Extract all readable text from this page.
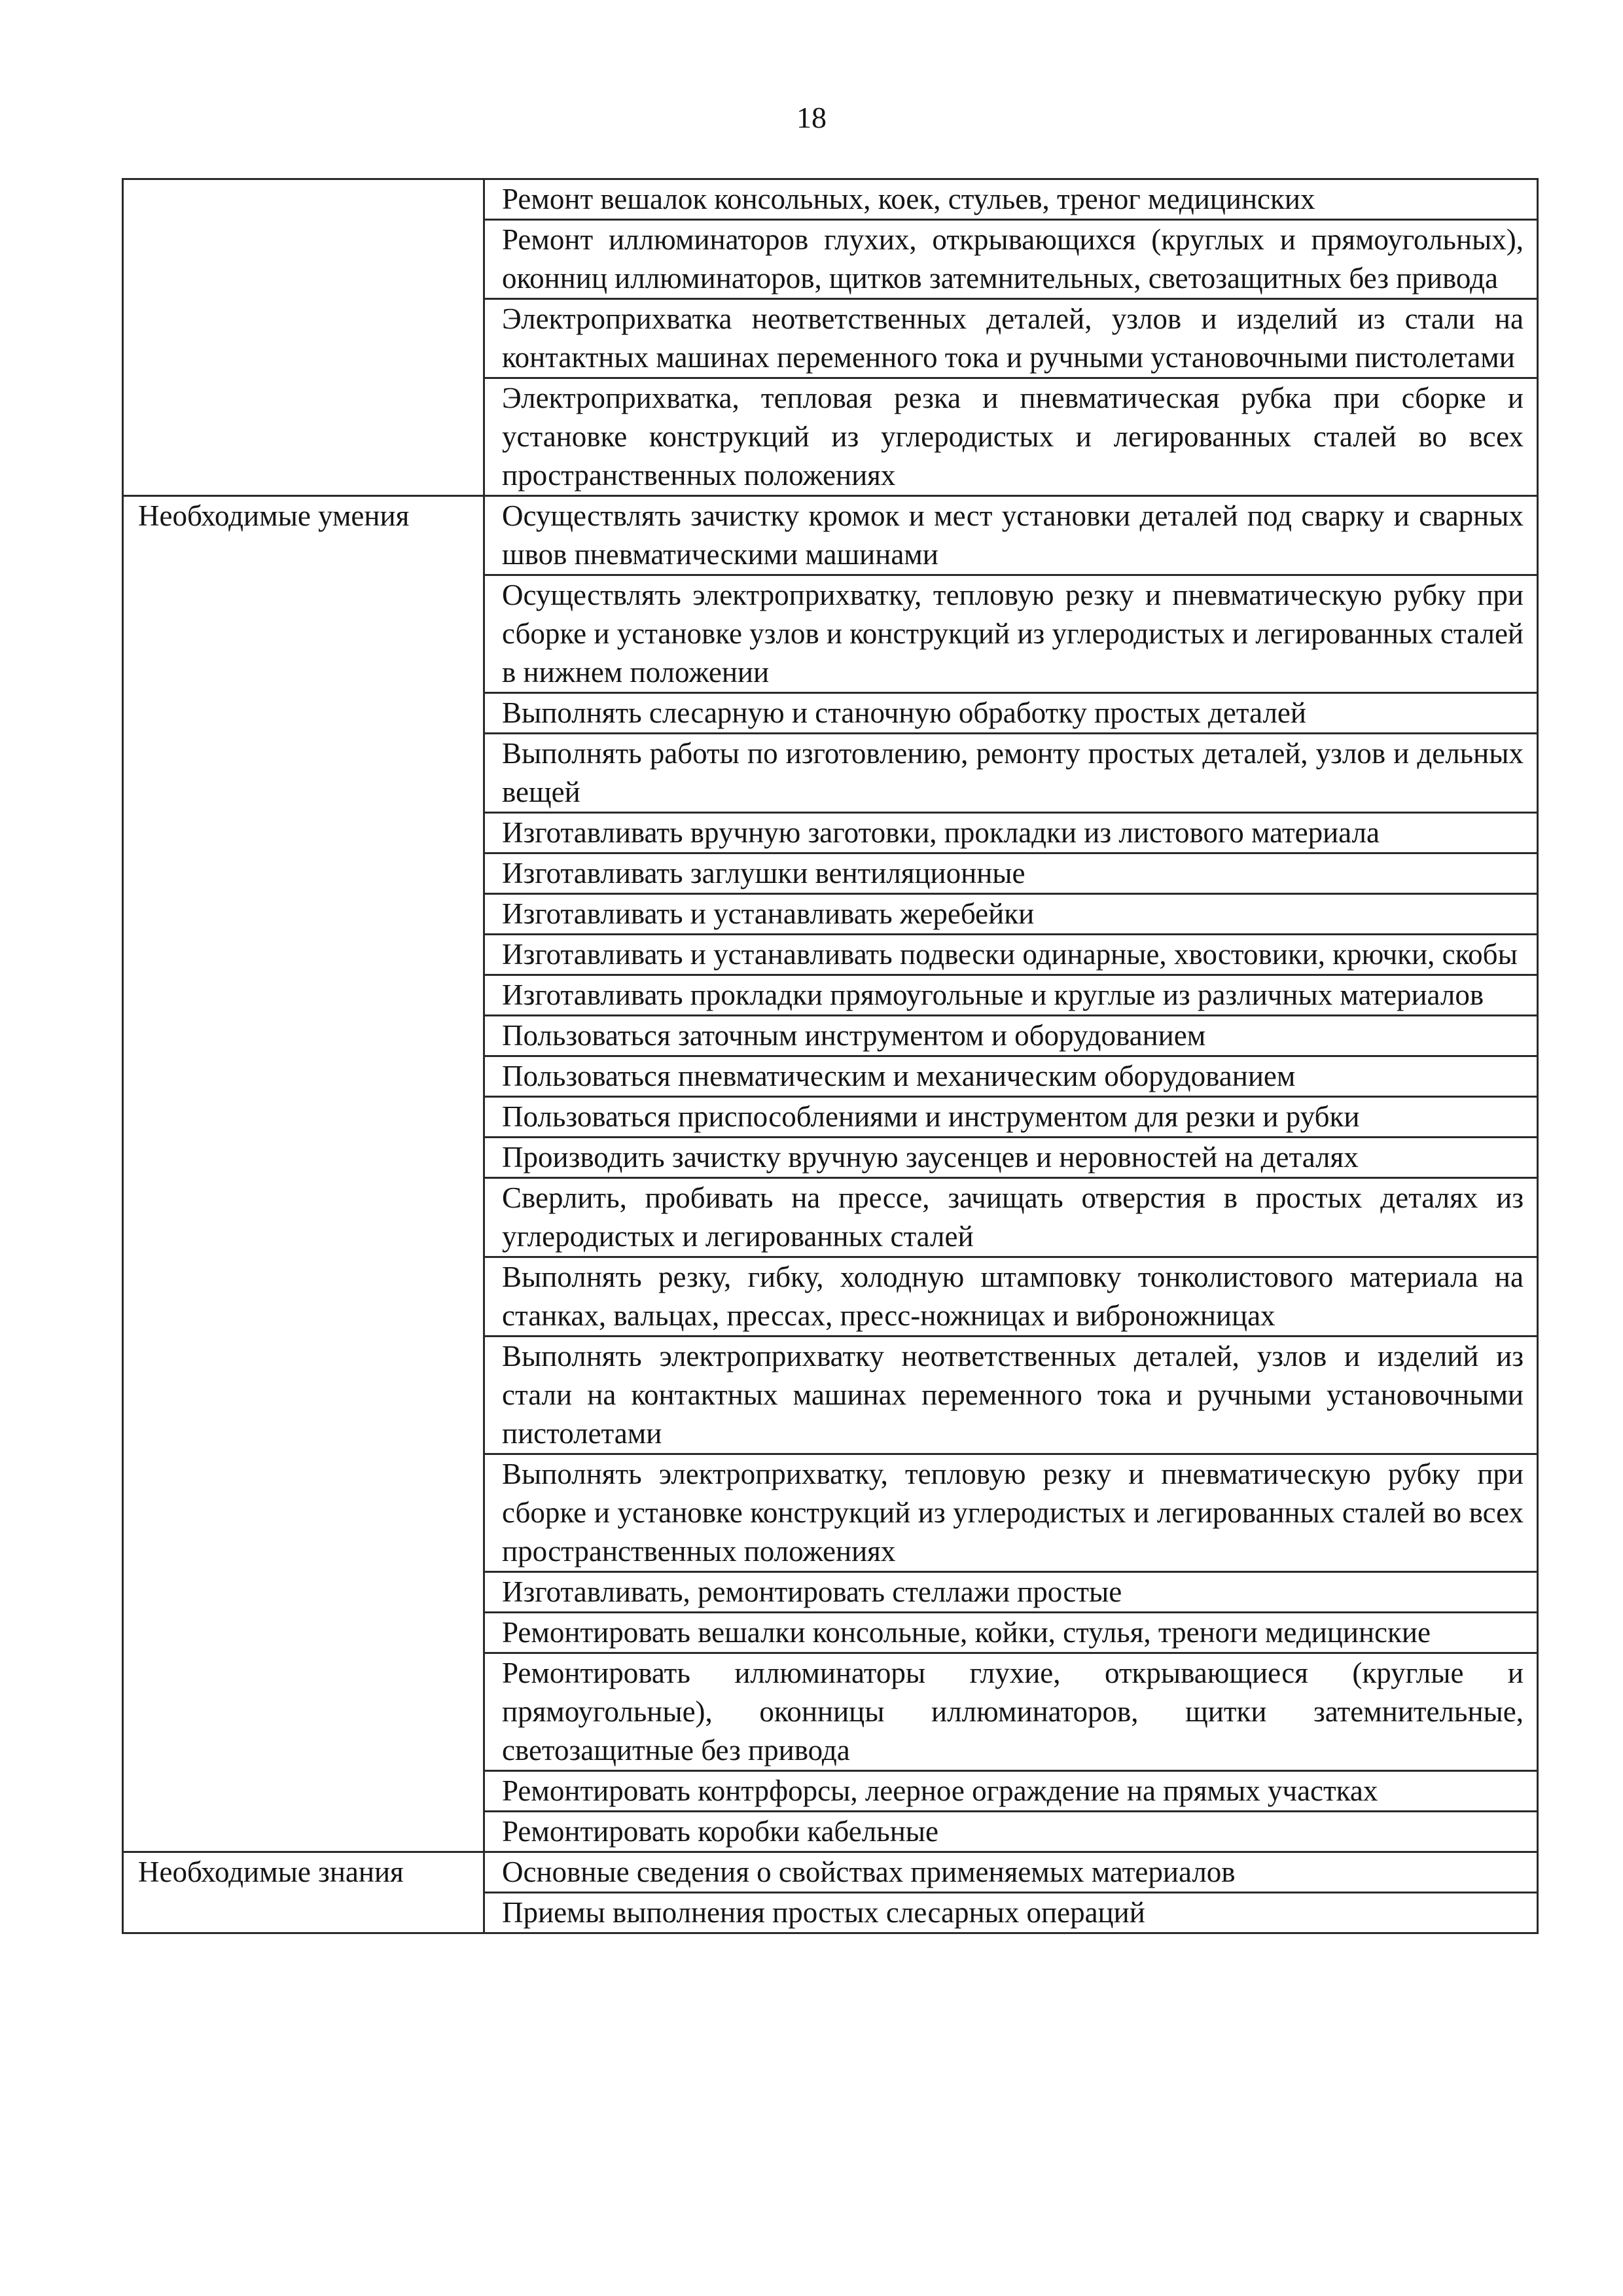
18
	Ремонт вешалок консольных, коек, стульев, треног медицинских
	Ремонт иллюминаторов глухих, открывающихся (круглых и прямоугольных), оконниц иллюминаторов, щитков затемнительных, светозащитных без привода
	Электроприхватка неответственных деталей, узлов и изделий из стали на контактных машинах переменного тока и ручными установочными пистолетами
	Электроприхватка, тепловая резка и пневматическая рубка при сборке и установке конструкций из углеродистых и легированных сталей во всех пространственных положениях
Необходимые умения	Осуществлять зачистку кромок и мест установки деталей под сварку и сварных швов пневматическими машинами
	Осуществлять электроприхватку, тепловую резку и пневматическую рубку при сборке и установке узлов и конструкций из углеродистых и легированных сталей в нижнем положении
	Выполнять слесарную и станочную обработку простых деталей
	Выполнять работы по изготовлению, ремонту простых деталей, узлов и дельных вещей
	Изготавливать вручную заготовки, прокладки из листового материала
	Изготавливать заглушки вентиляционные
	Изготавливать и устанавливать жеребейки
	Изготавливать и устанавливать подвески одинарные, хвостовики, крючки, скобы
	Изготавливать прокладки прямоугольные и круглые из различных материалов
	Пользоваться заточным инструментом и оборудованием
	Пользоваться пневматическим и механическим оборудованием
	Пользоваться приспособлениями и инструментом для резки и рубки
	Производить зачистку вручную заусенцев и неровностей на деталях
	Сверлить, пробивать на прессе, зачищать отверстия в простых деталях из углеродистых и легированных сталей
	Выполнять резку, гибку, холодную штамповку тонколистового материала на станках, вальцах, прессах, пресс-ножницах и виброножницах
	Выполнять электроприхватку неответственных деталей, узлов и изделий из стали на контактных машинах переменного тока и ручными установочными пистолетами
	Выполнять электроприхватку, тепловую резку и пневматическую рубку при сборке и установке конструкций из углеродистых и легированных сталей во всех пространственных положениях
	Изготавливать, ремонтировать стеллажи простые
	Ремонтировать вешалки консольные, койки, стулья, треноги медицинские
	Ремонтировать иллюминаторы глухие, открывающиеся (круглые и прямоугольные), оконницы иллюминаторов, щитки затемнительные, светозащитные без привода
	Ремонтировать контрфорсы, леерное ограждение на прямых участках
	Ремонтировать коробки кабельные
Необходимые знания	Основные сведения о свойствах применяемых материалов
	Приемы выполнения простых слесарных операций
